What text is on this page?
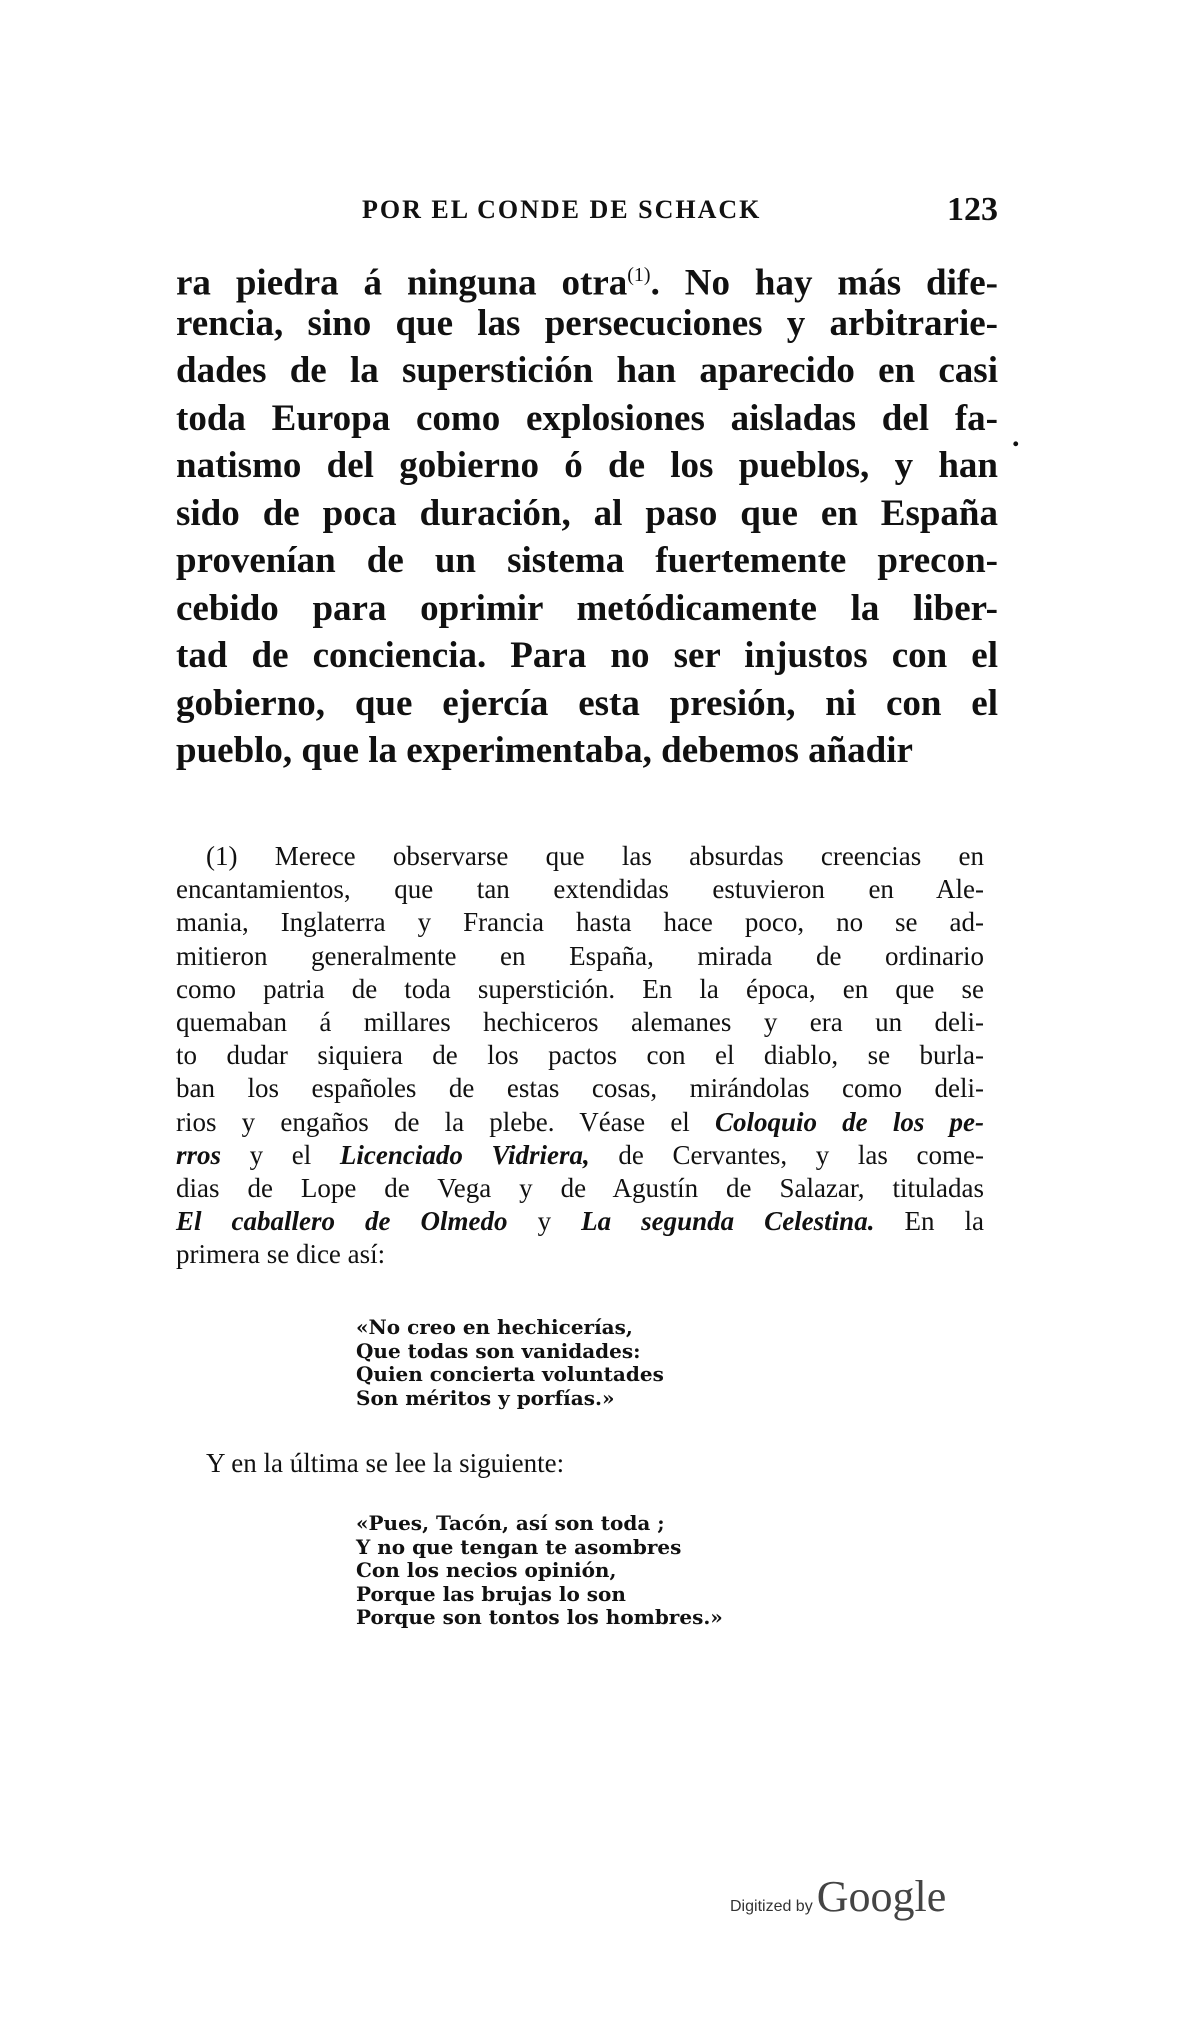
POR EL CONDE DE SCHACK	123
ra piedra á ninguna otra$^{(1)}$. No hay más dife-
rencia, sino que las persecuciones y arbitrarie-
dades de la superstición han aparecido en casi
toda Europa como explosiones aisladas del fa-
natismo del gobierno ó de los pueblos, y han
sido de poca duración, al paso que en España
provenían de un sistema fuertemente precon-
cebido para oprimir metódicamente la liber-
tad de conciencia. Para no ser injustos con el
gobierno, que ejercía esta presión, ni con el
pueblo, que la experimentaba, debemos añadir
.
(1) Merece observarse que las absurdas creencias en
encantamientos, que tan extendidas estuvieron en Ale-
mania, Inglaterra y Francia hasta hace poco, no se ad-
mitieron generalmente en España, mirada de ordinario
como patria de toda superstición. En la época, en que se
quemaban á millares hechiceros alemanes y era un deli-
to dudar siquiera de los pactos con el diablo, se burla-
ban los españoles de estas cosas, mirándolas como deli-
rios y engaños de la plebe. Véase el Coloquio de los pe-
rros y el Licenciado Vidriera, de Cervantes, y las come-
dias de Lope de Vega y de Agustín de Salazar, tituladas
El caballero de Olmedo y La segunda Celestina. En la
primera se dice así:
«No creo en hechicerías,
Que todas son vanidades:
Quien concierta voluntades
Son méritos y porfías.»
Y en la última se lee la siguiente:
«Pues, Tacón, así son toda ;
Y no que tengan te asombres
Con los necios opinión,
Porque las brujas lo son
Porque son tontos los hombres.»
Digitized by Google
